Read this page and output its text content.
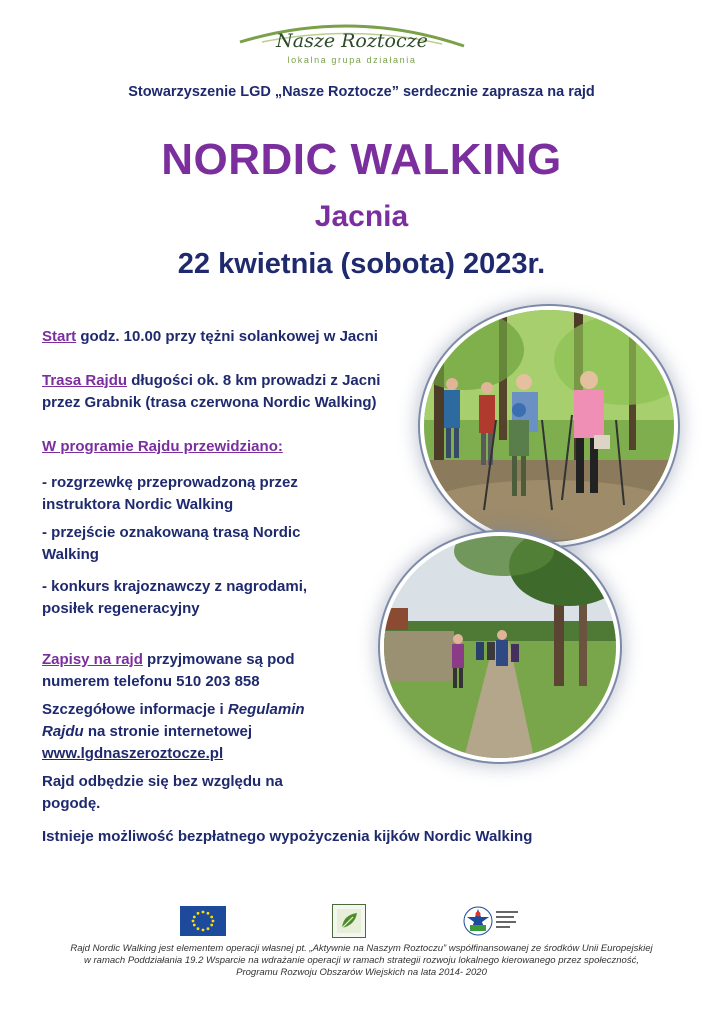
Nasze Roztocze
lokalna grupa działania
Stowarzyszenie LGD „Nasze Roztocze” serdecznie zaprasza na rajd
NORDIC WALKING
Jacnia
22 kwietnia (sobota) 2023r.
Start godz. 10.00 przy tężni solankowej w Jacni
Trasa Rajdu długości ok. 8 km prowadzi z Jacni
przez Grabnik (trasa czerwona Nordic Walking)
W programie Rajdu przewidziano:
- rozgrzewkę przeprowadzoną przez
instruktora Nordic Walking
- przejście oznakowaną trasą Nordic
Walking
- konkurs krajoznawczy z nagrodami,
posiłek regeneracyjny
Zapisy na rajd przyjmowane są pod
numerem telefonu 510 203 858
Szczegółowe informacje i Regulamin
Rajdu na stronie internetowej
www.lgdnaszeroztocze.pl
Rajd odbędzie się bez względu na
pogodę.
Istnieje możliwość bezpłatnego wypożyczenia kijków Nordic Walking
Rajd Nordic Walking jest elementem operacji własnej pt. „Aktywnie na Naszym Roztoczu” współfinansowanej ze środków Unii Europejskiej
w ramach Poddziałania 19.2 Wsparcie na wdrażanie operacji w ramach strategii rozwoju lokalnego kierowanego przez społeczność,
Programu Rozwoju Obszarów Wiejskich na lata 2014- 2020
